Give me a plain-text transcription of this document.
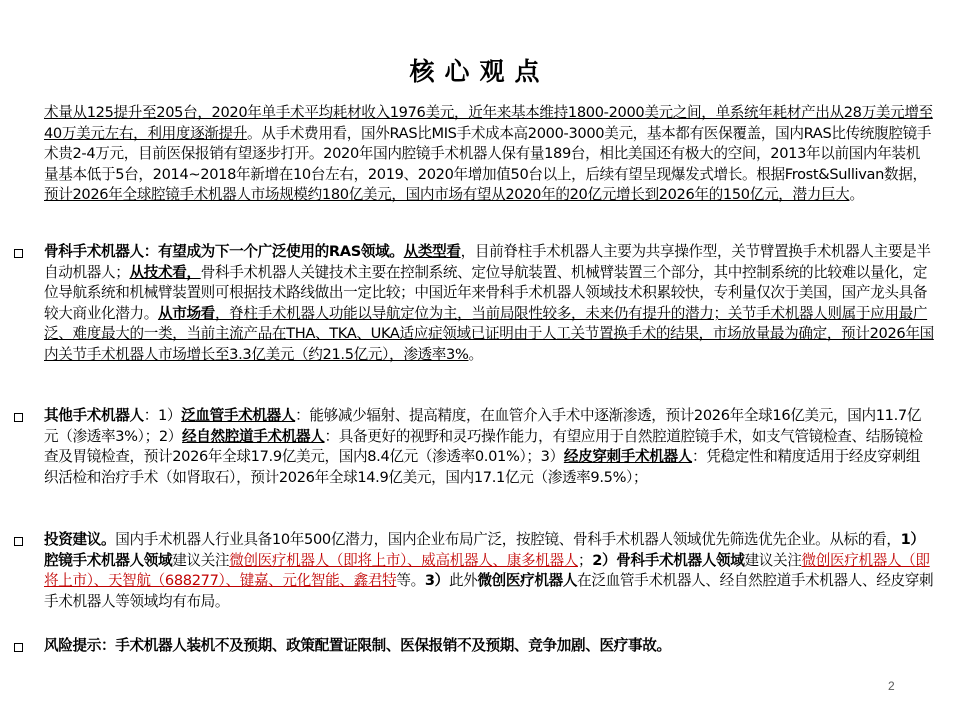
核心观点
术量从125提升至205台，2020年单手术平均耗材收入1976美元，近年来基本维持1800-2000美元之间，单系统年耗材产出从28万美元增至40万美元左右，利用度逐渐提升。从手术费用看，国外RAS比MIS手术成本高2000-3000美元，基本都有医保覆盖，国内RAS比传统腹腔镜手术贵2-4万元，目前医保报销有望逐步打开。2020年国内腔镜手术机器人保有量189台，相比美国还有极大的空间，2013年以前国内年装机量基本低于5台，2014~2018年新增在10台左右，2019、2020年增加值50台以上，后续有望呈现爆发式增长。根据Frost&Sullivan数据，预计2026年全球腔镜手术机器人市场规模约180亿美元，国内市场有望从2020年的20亿元增长到2026年的150亿元，潜力巨大。
骨科手术机器人：有望成为下一个广泛使用的RAS领域。从类型看，目前脊柱手术机器人主要为共享操作型，关节臂置换手术机器人主要是半自动机器人；从技术看，骨科手术机器人关键技术主要在控制系统、定位导航装置、机械臂装置三个部分，其中控制系统的比较难以量化，定位导航系统和机械臂装置则可根据技术路线做出一定比较；中国近年来骨科手术机器人领域技术积累较快，专利量仅次于美国，国产龙头具备较大商业化潜力。从市场看，脊柱手术机器人功能以导航定位为主，当前局限性较多，未来仍有提升的潜力；关节手术机器人则属于应用最广泛、难度最大的一类，当前主流产品在THA、TKA、UKA适应症领域已证明由于人工关节置换手术的结果，市场放量最为确定，预计2026年国内关节手术机器人市场增长至3.3亿美元（约21.5亿元），渗透率3%。
其他手术机器人：1）泛血管手术机器人：能够减少辐射、提高精度，在血管介入手术中逐渐渗透，预计2026年全球16亿美元，国内11.7亿元（渗透率3%）；2）经自然腔道手术机器人：具备更好的视野和灵巧操作能力，有望应用于自然腔道腔镜手术，如支气管镜检查、结肠镜检查及胃镜检查，预计2026年全球17.9亿美元，国内8.4亿元（渗透率0.01%）；3）经皮穿刺手术机器人：凭稳定性和精度适用于经皮穿刺组织活检和治疗手术（如肾取石），预计2026年全球14.9亿美元，国内17.1亿元（渗透率9.5%）；
投资建议。国内手术机器人行业具备10年500亿潜力，国内企业布局广泛，按腔镜、骨科手术机器人领域优先筛选优先企业。从标的看，1）腔镜手术机器人领域建议关注微创医疗机器人（即将上市）、威高机器人、康多机器人；2）骨科手术机器人领域建议关注微创医疗机器人（即将上市）、天智航（688277）、键嘉、元化智能、鑫君特等。3）此外微创医疗机器人在泛血管手术机器人、经自然腔道手术机器人、经皮穿刺手术机器人等领域均有布局。
风险提示：手术机器人装机不及预期、政策配置证限制、医保报销不及预期、竞争加剧、医疗事故。
2
